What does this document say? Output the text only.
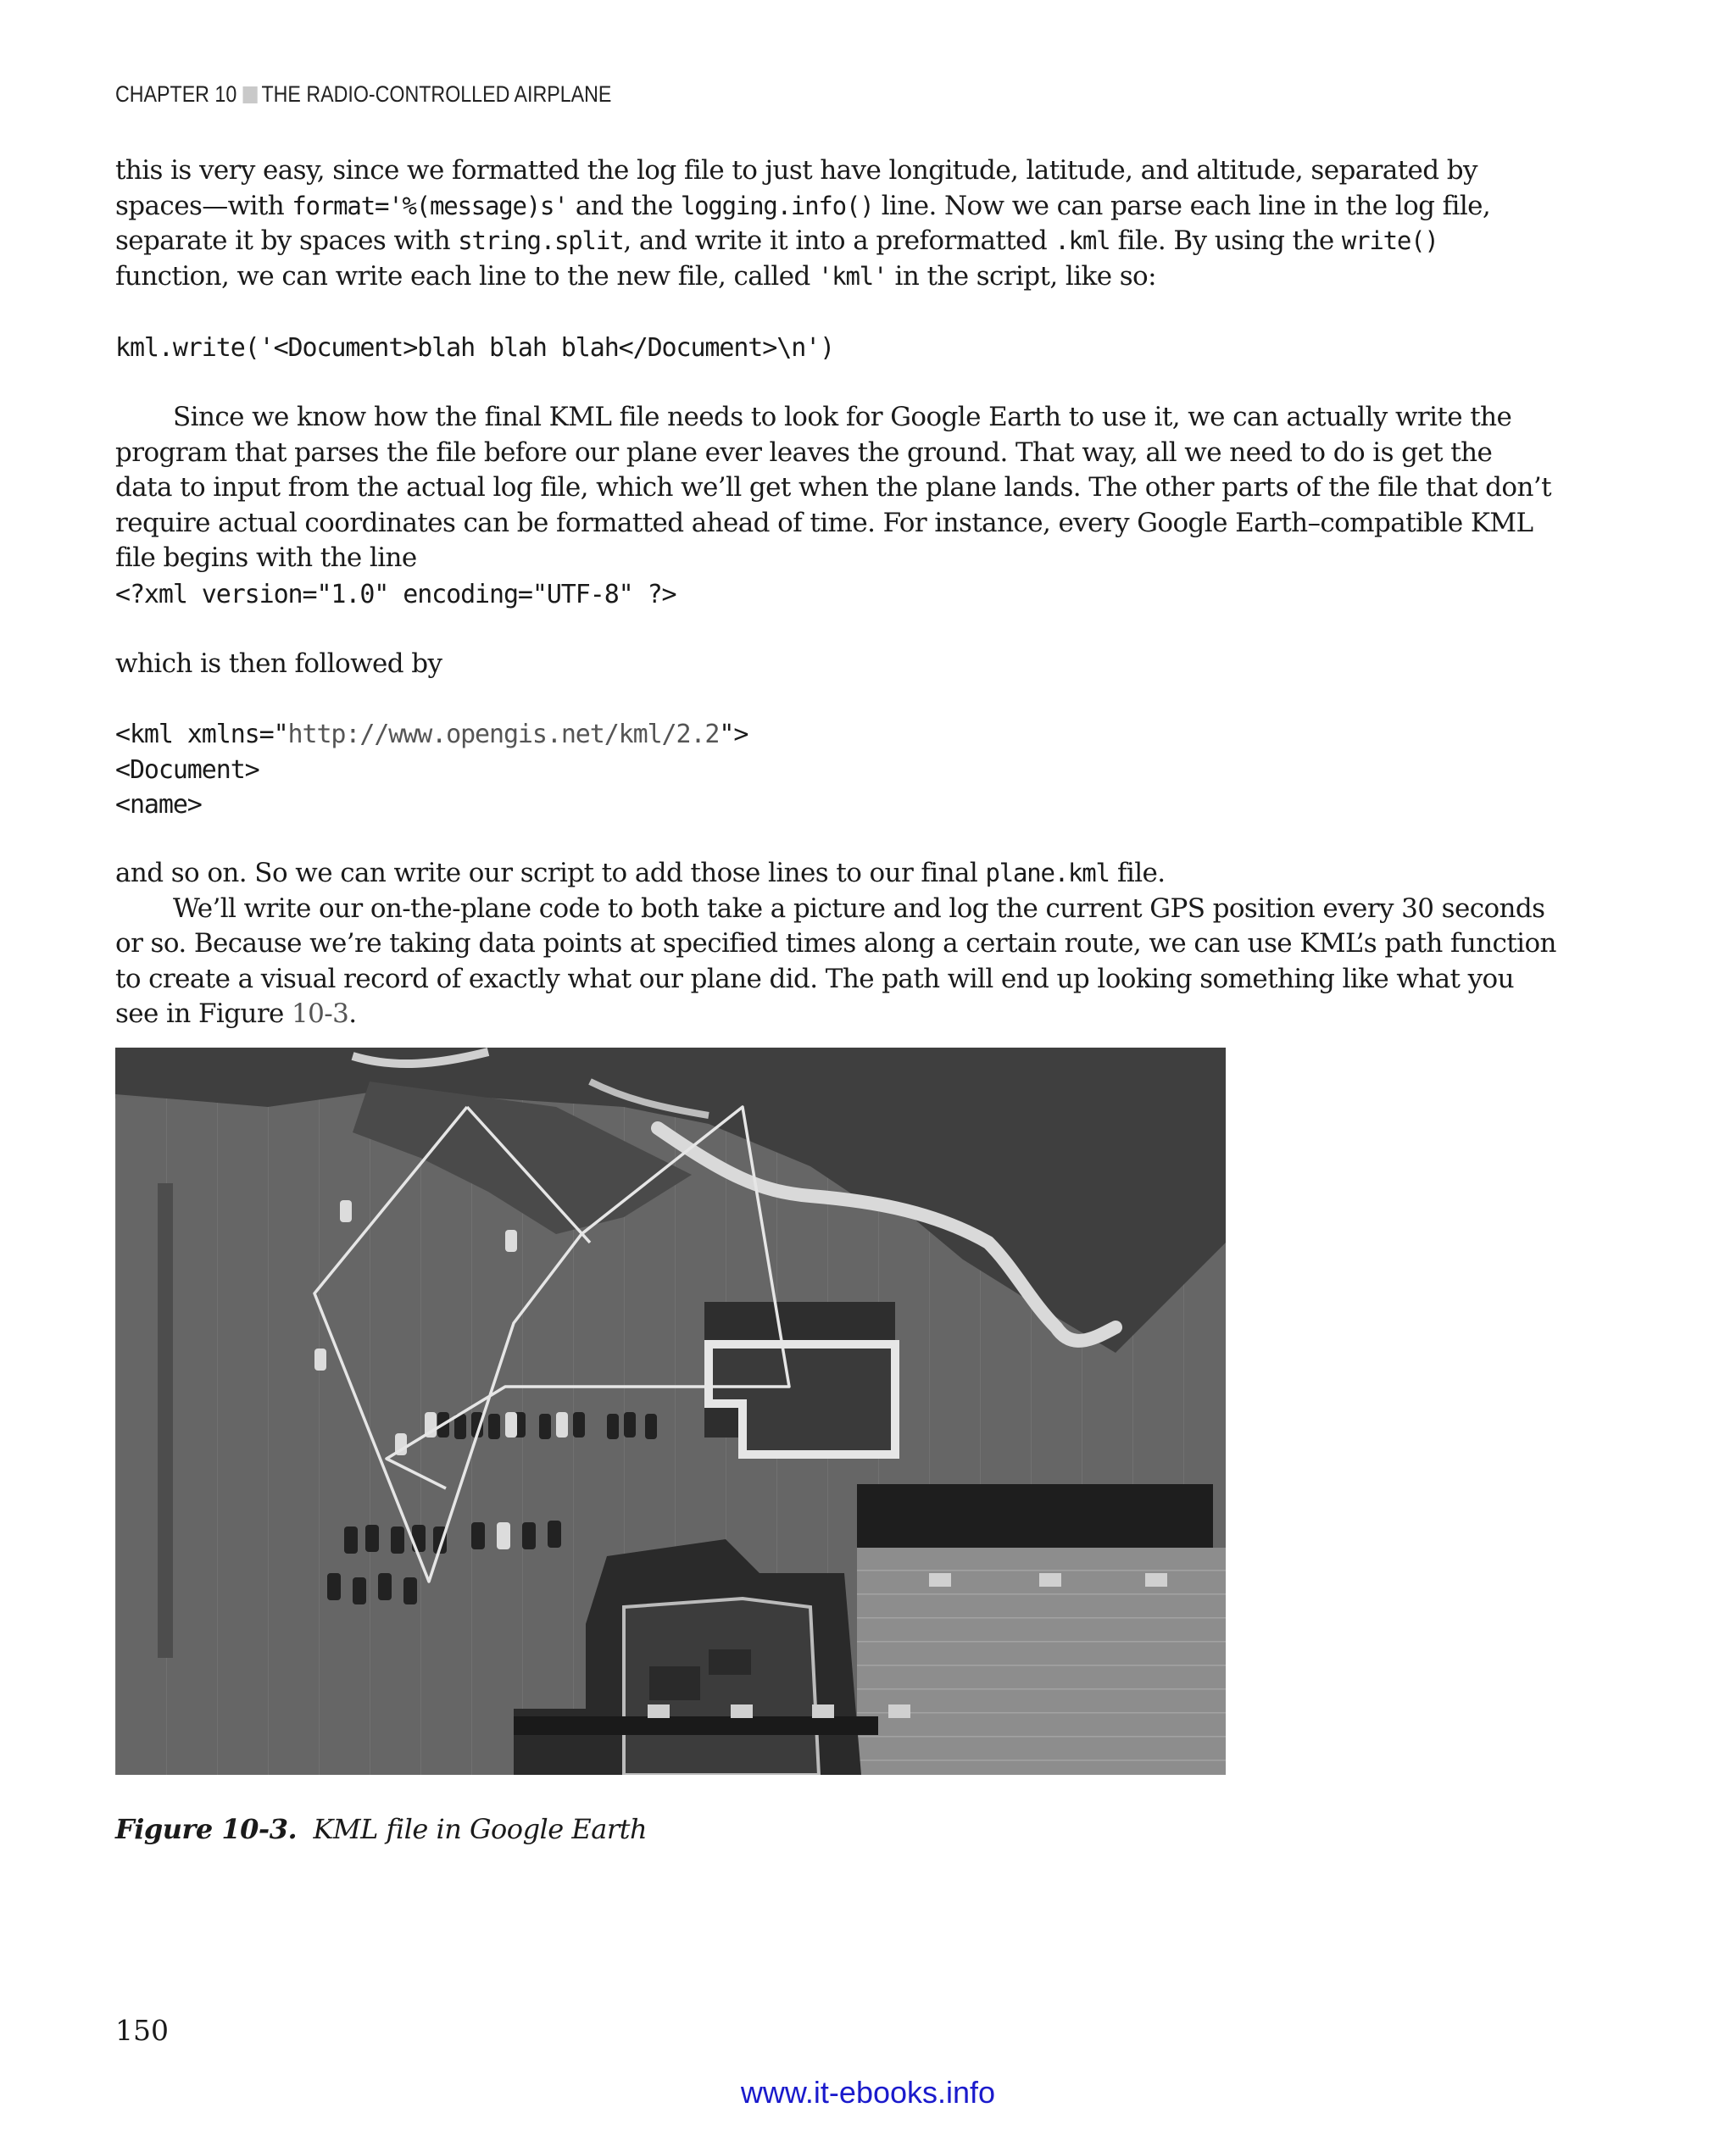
CHAPTER 10 THE RADIO-CONTROLLED AIRPLANE

this is very easy, since we formatted the log file to just have longitude, latitude, and altitude, separated by spaces—with format='%(message)s' and the logging.info() line. Now we can parse each line in the log file, separate it by spaces with string.split, and write it into a preformatted .kml file. By using the write() function, we can write each line to the new file, called 'kml' in the script, like so:

kml.write('<Document>blah blah blah</Document>\n')

Since we know how the final KML file needs to look for Google Earth to use it, we can actually write the program that parses the file before our plane ever leaves the ground. That way, all we need to do is get the data to input from the actual log file, which we’ll get when the plane lands. The other parts of the file that don’t require actual coordinates can be formatted ahead of time. For instance, every Google Earth–compatible KML file begins with the line

<?xml version="1.0" encoding="UTF-8" ?>

which is then followed by

<kml xmlns="http://www.opengis.net/kml/2.2">
<Document>
<name>

and so on. So we can write our script to add those lines to our final plane.kml file.

We’ll write our on-the-plane code to both take a picture and log the current GPS position every 30 seconds or so. Because we’re taking data points at specified times along a certain route, we can use KML’s path function to create a visual record of exactly what our plane did. The path will end up looking something like what you see in Figure 10-3.

Figure 10-3. KML file in Google Earth
150
www.it-ebooks.info
